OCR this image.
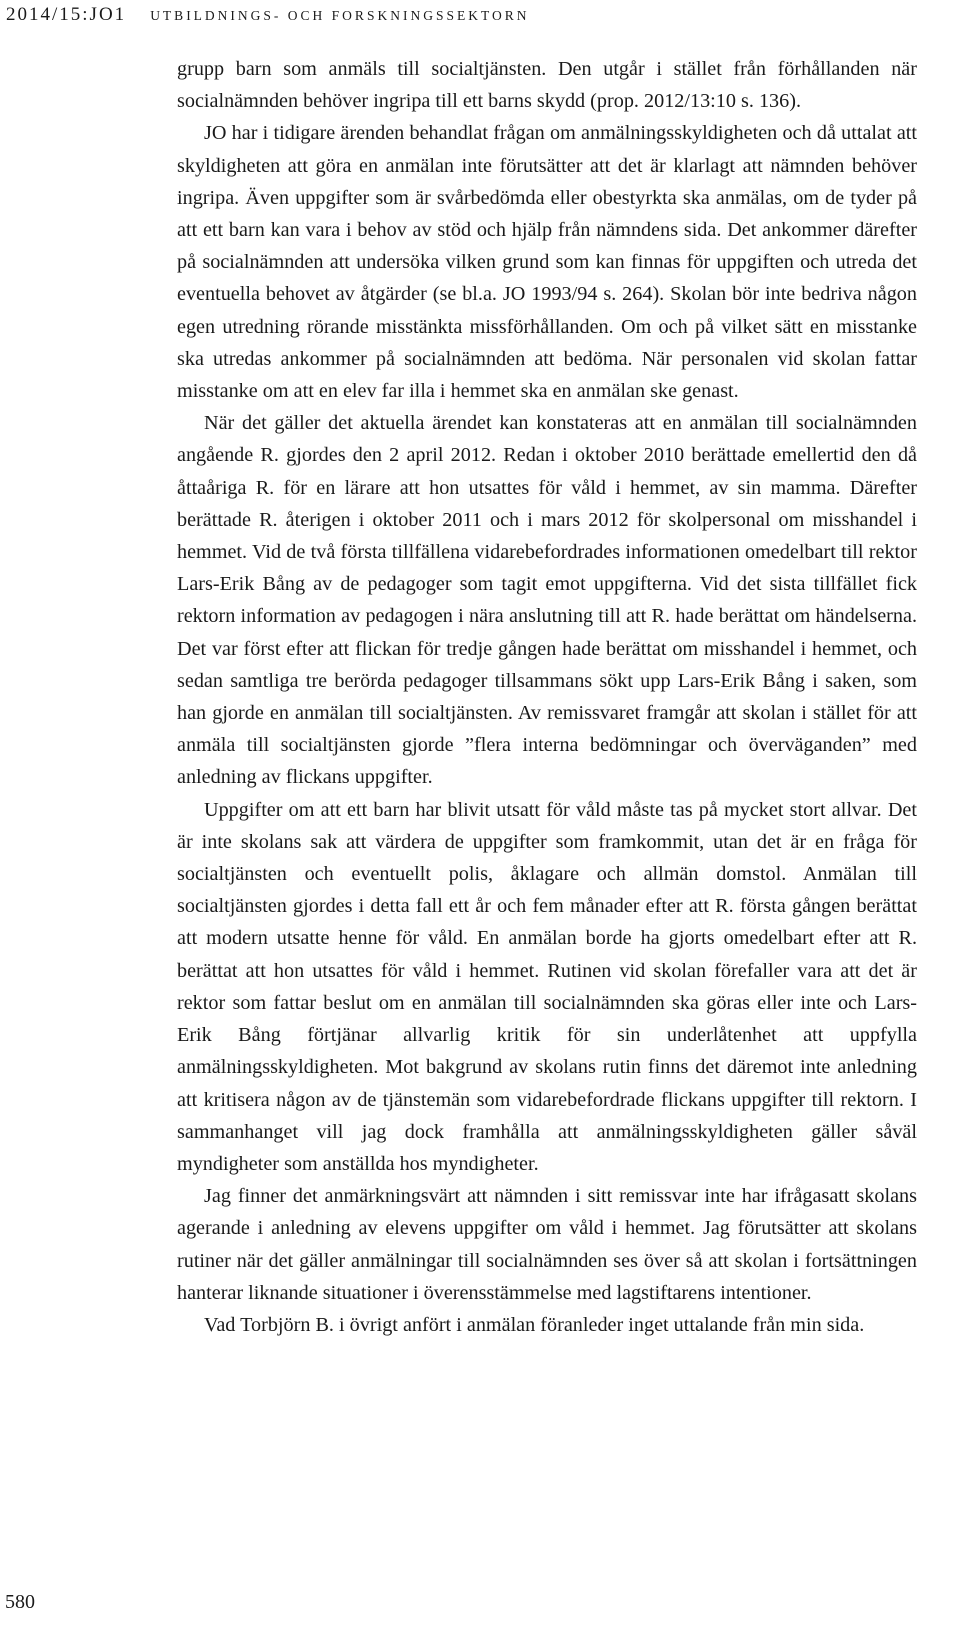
2014/15:JO1 UTBILDNINGS- OCH FORSKNINGSSEKTORN

grupp barn som anmäls till socialtjänsten. Den utgår i stället från förhållanden när socialnämnden behöver ingripa till ett barns skydd (prop. 2012/13:10 s. 136).

JO har i tidigare ärenden behandlat frågan om anmälningsskyldigheten och då uttalat att skyldigheten att göra en anmälan inte förutsätter att det är klarlagt att nämnden behöver ingripa. Även uppgifter som är svårbedömda eller obestyrkta ska anmälas, om de tyder på att ett barn kan vara i behov av stöd och hjälp från nämndens sida. Det ankommer därefter på socialnämnden att undersöka vilken grund som kan finnas för uppgiften och utreda det eventuella behovet av åtgärder (se bl.a. JO 1993/94 s. 264). Skolan bör inte bedriva någon egen utredning rörande misstänkta missförhållanden. Om och på vilket sätt en misstanke ska utredas ankommer på socialnämnden att bedöma. När personalen vid skolan fattar misstanke om att en elev far illa i hemmet ska en anmälan ske genast.

När det gäller det aktuella ärendet kan konstateras att en anmälan till socialnämnden angående R. gjordes den 2 april 2012. Redan i oktober 2010 berättade emellertid den då åttaåriga R. för en lärare att hon utsattes för våld i hemmet, av sin mamma. Därefter berättade R. återigen i oktober 2011 och i mars 2012 för skolpersonal om misshandel i hemmet. Vid de två första tillfällena vidarebefordrades informationen omedelbart till rektor Lars-Erik Bång av de pedagoger som tagit emot uppgifterna. Vid det sista tillfället fick rektorn information av pedagogen i nära anslutning till att R. hade berättat om händelserna. Det var först efter att flickan för tredje gången hade berättat om misshandel i hemmet, och sedan samtliga tre berörda pedagoger tillsammans sökt upp Lars-Erik Bång i saken, som han gjorde en anmälan till socialtjänsten. Av remissvaret framgår att skolan i stället för att anmäla till socialtjänsten gjorde ”flera interna bedömningar och överväganden” med anledning av flickans uppgifter.

Uppgifter om att ett barn har blivit utsatt för våld måste tas på mycket stort allvar. Det är inte skolans sak att värdera de uppgifter som framkommit, utan det är en fråga för socialtjänsten och eventuellt polis, åklagare och allmän domstol. Anmälan till socialtjänsten gjordes i detta fall ett år och fem månader efter att R. första gången berättat att modern utsatte henne för våld. En anmälan borde ha gjorts omedelbart efter att R. berättat att hon utsattes för våld i hemmet. Rutinen vid skolan förefaller vara att det är rektor som fattar beslut om en anmälan till socialnämnden ska göras eller inte och Lars-Erik Bång förtjänar allvarlig kritik för sin underlåtenhet att uppfylla anmälningsskyldigheten. Mot bakgrund av skolans rutin finns det däremot inte anledning att kritisera någon av de tjänstemän som vidarebefordrade flickans uppgifter till rektorn. I sammanhanget vill jag dock framhålla att anmälningsskyldigheten gäller såväl myndigheter som anställda hos myndigheter.

Jag finner det anmärkningsvärt att nämnden i sitt remissvar inte har ifrågasatt skolans agerande i anledning av elevens uppgifter om våld i hemmet. Jag förutsätter att skolans rutiner när det gäller anmälningar till socialnämnden ses över så att skolan i fortsättningen hanterar liknande situationer i överensstämmelse med lagstiftarens intentioner.

Vad Torbjörn B. i övrigt anfört i anmälan föranleder inget uttalande från min sida.

580
